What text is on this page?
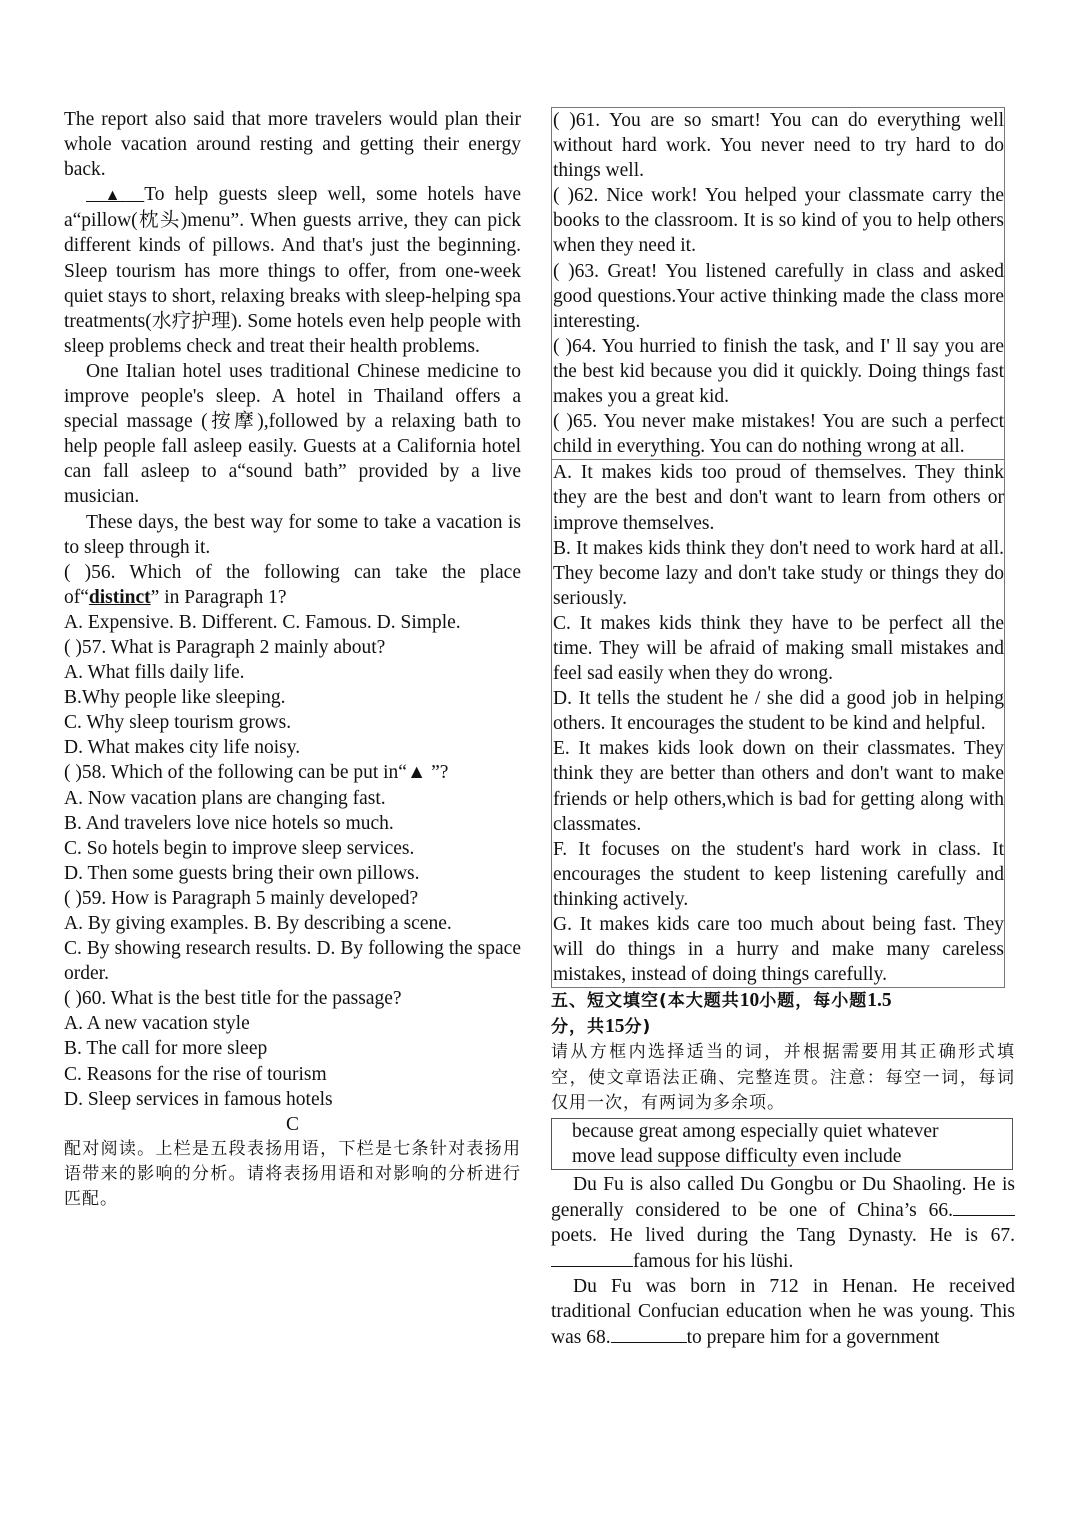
The report also said that more travelers would plan their whole vacation around resting and getting their energy back.

▲ To help guests sleep well, some hotels have a“pillow(枕头)menu”. When guests arrive, they can pick different kinds of pillows. And that's just the beginning. Sleep tourism has more things to offer, from one-week quiet stays to short, relaxing breaks with sleep-helping spa treatments(水疗护理). Some hotels even help people with sleep problems check and treat their health problems.

One Italian hotel uses traditional Chinese medicine to improve people's sleep. A hotel in Thailand offers a special massage (按摩),followed by a relaxing bath to help people fall asleep easily. Guests at a California hotel can fall asleep to a“sound bath” provided by a live musician.

These days, the best way for some to take a vacation is to sleep through it.

( )56. Which of the following can take the place of“distinct” in Paragraph 1?

A. Expensive. B. Different. C. Famous. D. Simple.

( )57. What is Paragraph 2 mainly about?

A. What fills daily life.

B.Why people like sleeping.

C. Why sleep tourism grows.

D. What makes city life noisy.

( )58. Which of the following can be put in“▲ ”?

A. Now vacation plans are changing fast.

B. And travelers love nice hotels so much.

C. So hotels begin to improve sleep services.

D. Then some guests bring their own pillows.

( )59. How is Paragraph 5 mainly developed?

A. By giving examples. B. By describing a scene.

C. By showing research results. D. By following the space order.

( )60. What is the best title for the passage?

A. A new vacation style

B. The call for more sleep

C. Reasons for the rise of tourism

D. Sleep services in famous hotels

C

配对阅读。上栏是五段表扬用语，下栏是七条针对表扬用语带来的影响的分析。请将表扬用语和对影响的分析进行匹配。

( )61. You are so smart! You can do everything well without hard work. You never need to try hard to do things well.

( )62. Nice work! You helped your classmate carry the books to the classroom. It is so kind of you to help others when they need it.

( )63. Great! You listened carefully in class and asked good questions.Your active thinking made the class more interesting.

( )64. You hurried to finish the task, and I' ll say you are the best kid because you did it quickly. Doing things fast makes you a great kid.

( )65. You never make mistakes! You are such a perfect child in everything. You can do nothing wrong at all.

A. It makes kids too proud of themselves. They think they are the best and don't want to learn from others or improve themselves.

B. It makes kids think they don't need to work hard at all. They become lazy and don't take study or things they do seriously.

C. It makes kids think they have to be perfect all the time. They will be afraid of making small mistakes and feel sad easily when they do wrong.

D. It tells the student he / she did a good job in helping others. It encourages the student to be kind and helpful.

E. It makes kids look down on their classmates. They think they are better than others and don't want to make friends or help others,which is bad for getting along with classmates.

F. It focuses on the student's hard work in class. It encourages the student to keep listening carefully and thinking actively.

G. It makes kids care too much about being fast. They will do things in a hurry and make many careless mistakes, instead of doing things carefully.

五、短文填空(本大题共10小题，每小题1.5
分，共15分)

请从方框内选择适当的词，并根据需要用其正确形式填空，使文章语法正确、完整连贯。注意：每空一词，每词仅用一次，有两词为多余项。

because great among especially quiet whatever
move lead suppose difficulty even include

Du Fu is also called Du Gongbu or Du Shaoling. He is generally considered to be one of China’s 66. poets. He lived during the Tang Dynasty. He is 67.famous for his lüshi.

Du Fu was born in 712 in Henan. He received traditional Confucian education when he was young. This was 68.	to prepare him for a government
